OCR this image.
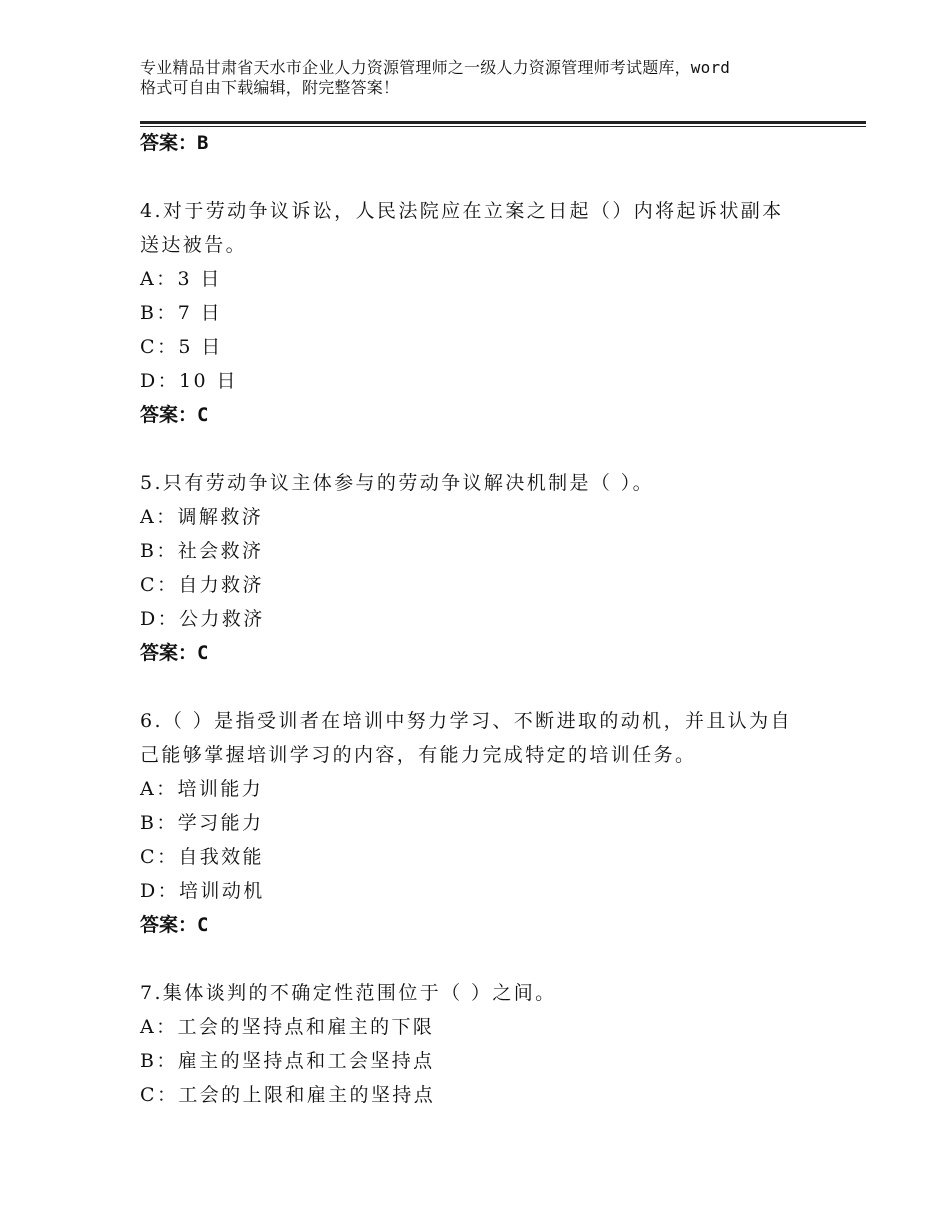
专业精品甘肃省天水市企业人力资源管理师之一级人力资源管理师考试题库，word
格式可自由下载编辑，附完整答案！
答案：B
4.对于劳动争议诉讼，人民法院应在立案之日起（）内将起诉状副本
送达被告。
A：3 日
B：7 日
C：5 日
D：10 日
答案：C
5.只有劳动争议主体参与的劳动争议解决机制是（ ）。
A：调解救济
B：社会救济
C：自力救济
D：公力救济
答案：C
6.（ ）是指受训者在培训中努力学习、不断进取的动机，并且认为自
己能够掌握培训学习的内容，有能力完成特定的培训任务。
A：培训能力
B：学习能力
C：自我效能
D：培训动机
答案：C
7.集体谈判的不确定性范围位于（ ）之间。
A：工会的坚持点和雇主的下限
B：雇主的坚持点和工会坚持点
C：工会的上限和雇主的坚持点
